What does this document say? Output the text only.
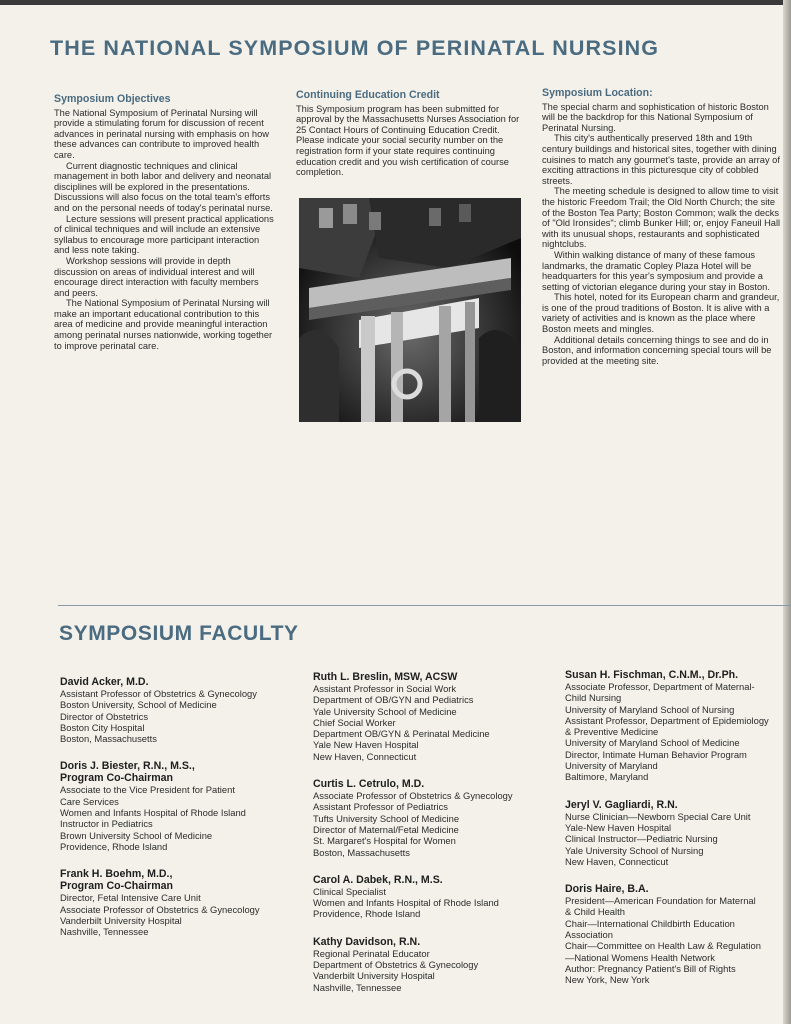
THE NATIONAL SYMPOSIUM OF PERINATAL NURSING
Symposium Objectives

The National Symposium of Perinatal Nursing will provide a stimulating forum for discussion of recent advances in perinatal nursing with emphasis on how these advances can contribute to improved health care.

Current diagnostic techniques and clinical management in both labor and delivery and neonatal disciplines will be explored in the presentations. Discussions will also focus on the total team's efforts and on the personal needs of today's perinatal nurse.

Lecture sessions will present practical applications of clinical techniques and will include an extensive syllabus to encourage more participant interaction and less note taking.

Workshop sessions will provide in depth discussion on areas of individual interest and will encourage direct interaction with faculty members and peers.

The National Symposium of Perinatal Nursing will make an important educational contribution to this area of medicine and provide meaningful interaction among perinatal nurses nationwide, working together to improve perinatal care.

Continuing Education Credit

This Symposium program has been submitted for approval by the Massachusetts Nurses Association for 25 Contact Hours of Continuing Education Credit. Please indicate your social security number on the registration form if your state requires continuing education credit and you wish certification of course completion.

Symposium Location:

The special charm and sophistication of historic Boston will be the backdrop for this National Symposium of Perinatal Nursing.

This city's authentically preserved 18th and 19th century buildings and historical sites, together with dining cuisines to match any gourmet's taste, provide an array of exciting attractions in this picturesque city of cobbled streets.

The meeting schedule is designed to allow time to visit the historic Freedom Trail; the Old North Church; the site of the Boston Tea Party; Boston Common; walk the decks of "Old Ironsides"; climb Bunker Hill; or, enjoy Faneuil Hall with its unusual shops, restaurants and sophisticated nightclubs.

Within walking distance of many of these famous landmarks, the dramatic Copley Plaza Hotel will be headquarters for this year's symposium and provide a setting of victorian elegance during your stay in Boston.

This hotel, noted for its European charm and grandeur, is one of the proud traditions of Boston. It is alive with a variety of activities and is known as the place where Boston meets and mingles.

Additional details concerning things to see and do in Boston, and information concerning special tours will be provided at the meeting site.

SYMPOSIUM FACULTY
David Acker, M.D.
Assistant Professor of Obstetrics & Gynecology
Boston University, School of Medicine
Director of Obstetrics
Boston City Hospital
Boston, Massachusetts
Doris J. Biester, R.N., M.S.,
Program Co-Chairman
Associate to the Vice President for Patient
Care Services
Women and Infants Hospital of Rhode Island
Instructor in Pediatrics
Brown University School of Medicine
Providence, Rhode Island
Frank H. Boehm, M.D.,
Program Co-Chairman
Director, Fetal Intensive Care Unit
Associate Professor of Obstetrics & Gynecology
Vanderbilt University Hospital
Nashville, Tennessee
Ruth L. Breslin, MSW, ACSW
Assistant Professor in Social Work
Department of OB/GYN and Pediatrics
Yale University School of Medicine
Chief Social Worker
Department OB/GYN & Perinatal Medicine
Yale New Haven Hospital
New Haven, Connecticut
Curtis L. Cetrulo, M.D.
Associate Professor of Obstetrics & Gynecology
Assistant Professor of Pediatrics
Tufts University School of Medicine
Director of Maternal/Fetal Medicine
St. Margaret's Hospital for Women
Boston, Massachusetts
Carol A. Dabek, R.N., M.S.
Clinical Specialist
Women and Infants Hospital of Rhode Island
Providence, Rhode Island
Kathy Davidson, R.N.
Regional Perinatal Educator
Department of Obstetrics & Gynecology
Vanderbilt University Hospital
Nashville, Tennessee
Susan H. Fischman, C.N.M., Dr.Ph.
Associate Professor, Department of Maternal-
Child Nursing
University of Maryland School of Nursing
Assistant Professor, Department of Epidemiology
& Preventive Medicine
University of Maryland School of Medicine
Director, Intimate Human Behavior Program
University of Maryland
Baltimore, Maryland
Jeryl V. Gagliardi, R.N.
Nurse Clinician—Newborn Special Care Unit
Yale-New Haven Hospital
Clinical Instructor—Pediatric Nursing
Yale University School of Nursing
New Haven, Connecticut
Doris Haire, B.A.
President—American Foundation for Maternal
& Child Health
Chair—International Childbirth Education
Association
Chair—Committee on Health Law & Regulation
—National Womens Health Network
Author: Pregnancy Patient's Bill of Rights
New York, New York
